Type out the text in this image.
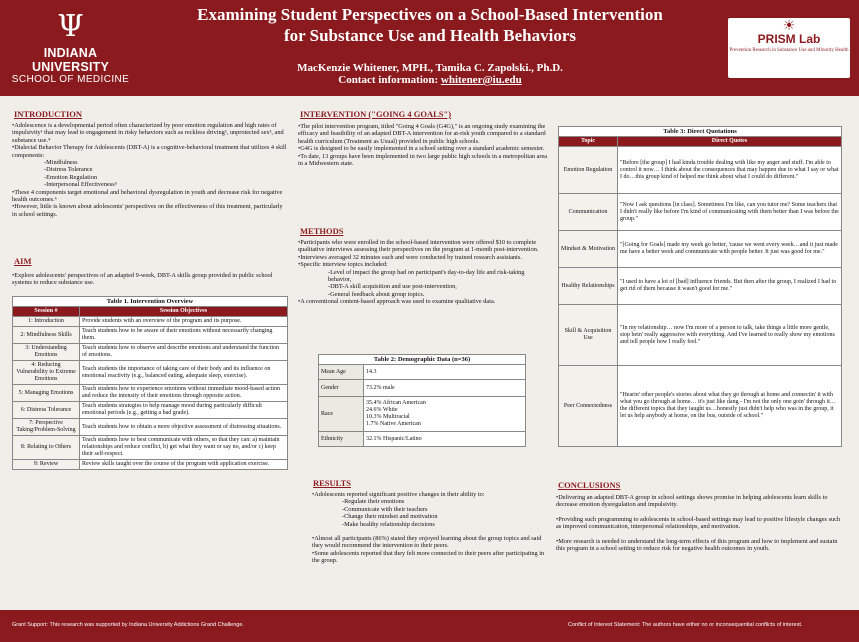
Ψ
INDIANA UNIVERSITY
SCHOOL OF MEDICINE
Examining Student Perspectives on a School-Based Intervention
for Substance Use and Health Behaviors
MacKenzie Whitener, MPH., Tamika C. Zapolski., Ph.D.
Contact information: whitener@iu.edu
☀
PRISM Lab
Prevention Research in Substance Use and Minority Health
INTRODUCTION

•Adolescence is a developmental period often characterized by poor emotion regulation and high rates of impulsivity¹ that may lead to engagement in risky behaviors such as reckless driving², unprotected sex³, and substance use.⁴

•Dialectal Behavior Therapy for Adolescents (DBT-A) is a cognitive-behavioral treatment that utilizes 4 skill components:

-Mindfulness

-Distress Tolerance

-Emotion Regulation

-Interpersonal Effectiveness⁵

•These 4 components target emotional and behavioral dysregulation in youth and decrease risk for negative health outcomes.⁶

•However, little is known about adolescents' perspectives on the effectiveness of this treatment, particularly in school settings.

AIM

•Explore adolescents' perspectives of an adapted 9-week, DBT-A skills group provided in public school systems to reduce substance use.

Table 1. Intervention Overview	
Session #	Session Objectives
1: Introduction	Provide students with an overview of the program and its purpose.
2: Mindfulness Skills	Teach students how to be aware of their emotions without necessarily changing them.
3: Understanding Emotions	Teach students how to observe and describe emotions and understand the function of emotions.
4: Reducing Vulnerability to Extreme Emotions	Teach students the importance of taking care of their body and its influence on emotional reactivity (e.g., balanced eating, adequate sleep, exercise).
5: Managing Emotions	Teach students how to experience emotions without immediate mood-based action and reduce the intensity of their emotions through opposite action.
6: Distress Tolerance	Teach students strategies to help manage mood during particularly difficult emotional periods (e.g., getting a bad grade).
7: Perspective Taking/Problem-Solving	Teach students how to obtain a more objective assessment of distressing situations.
8: Relating to Others	Teach students how to best communicate with others, so that they can: a) maintain relationships and reduce conflict, b) get what they want or say no, and/or c) keep their self-respect.
9: Review	Review skills taught over the course of the program with application exercise.
INTERVENTION ("GOING 4 GOALS")

•The pilot intervention program, titled "Going 4 Goals (G4G)," is an ongoing study examining the efficacy and feasibility of an adapted DBT-A intervention for at-risk youth compared to a standard health curriculum (Treatment as Usual) provided in public high schools.

•G4G is designed to be easily implemented in a school setting over a standard academic semester.

•To date, 13 groups have been implemented in two large public high schools in a metropolitan area in a Midwestern state.

METHODS

•Participants who were enrolled in the school-based intervention were offered $10 to complete qualitative interviews assessing their perspectives on the program at 1-month post-intervention.

•Interviews averaged 32 minutes each and were conducted by trained research assistants.

•Specific interview topics included:

-Level of impact the group had on participant's day-to-day life and risk-taking behavior,

-DBT-A skill acquisition and use post-intervention,

-General feedback about group topics.

•A conventional content-based approach was used to examine qualitative data.

Table 2: Demographic Data (n=36)	
Mean Age	14.3
Gender	73.2% male
Race	35.4% African American
24.6% White
10.3% Multiracial
1.7% Native American

Ethnicity	32.1% Hispanic/Latino
RESULTS

•Adolescents reported significant positive changes in their ability to:

-Regulate their emotions

-Communicate with their teachers

-Change their mindset and motivation

-Make healthy relationship decisions

•Almost all participants (86%) stated they enjoyed learning about the group topics and said they would recommend the intervention to their peers.

•Some adolescents reported that they felt more connected to their peers after participating in the group.

Table 3: Direct Quotations	
Topic	Direct Quotes
Emotion Regulation	"Before [the group] I had kinda trouble dealing with like my anger and stuff. I'm able to control it now… I think about the consequences that may happen due to what I say or what I do…this group kind of helped me think about what I could do different."
Communication	"Now I ask questions [in class]. Sometimes I'm like, can you tutor me? Some teachers that I didn't really like before I'm kind of communicating with them better than I was before the group."
Mindset & Motivation	"[Going for Goals] made my week go better, 'cause we went every week…and it just made me have a better week and communicate with people better. It just was good for me."
Healthy Relationships	"I used to have a lot of [bad] influence friends. But then after the group, I realized I had to get rid of them because it wasn't good for me."
Skill & Acquisition Use	"In my relationship… now I'm more of a person to talk, take things a little more gentle, stop bein' really aggressive with everything. And I've learned to really show my emotions and tell people how I really feel."
Peer Connectedness	"Hearin' other people's stories about what they go through at home and connectin' it with what you go through at home… it's just like dang - I'm not the only one goin' through it… the different topics that they taught us…honestly just didn't help who was in the group, it let us help anybody at home, on the bus, outside of school."
CONCLUSIONS

•Delivering an adapted DBT-A group in school settings shows promise in helping adolescents learn skills to decrease emotion dysregulation and impulsivity.

•Providing such programming to adolescents in school-based settings may lead to positive lifestyle changes such as improved communication, interpersonal relationships, and motivation.

•More research is needed to understand the long-term effects of this program and how to implement and sustain this program in a school setting to reduce risk for negative health outcomes in youth.

Grant Support: This research was supported by Indiana University Addictions Grand Challenge.	Conflict of Interest Statement: The authors have either no or inconsequential conflicts of interest.
